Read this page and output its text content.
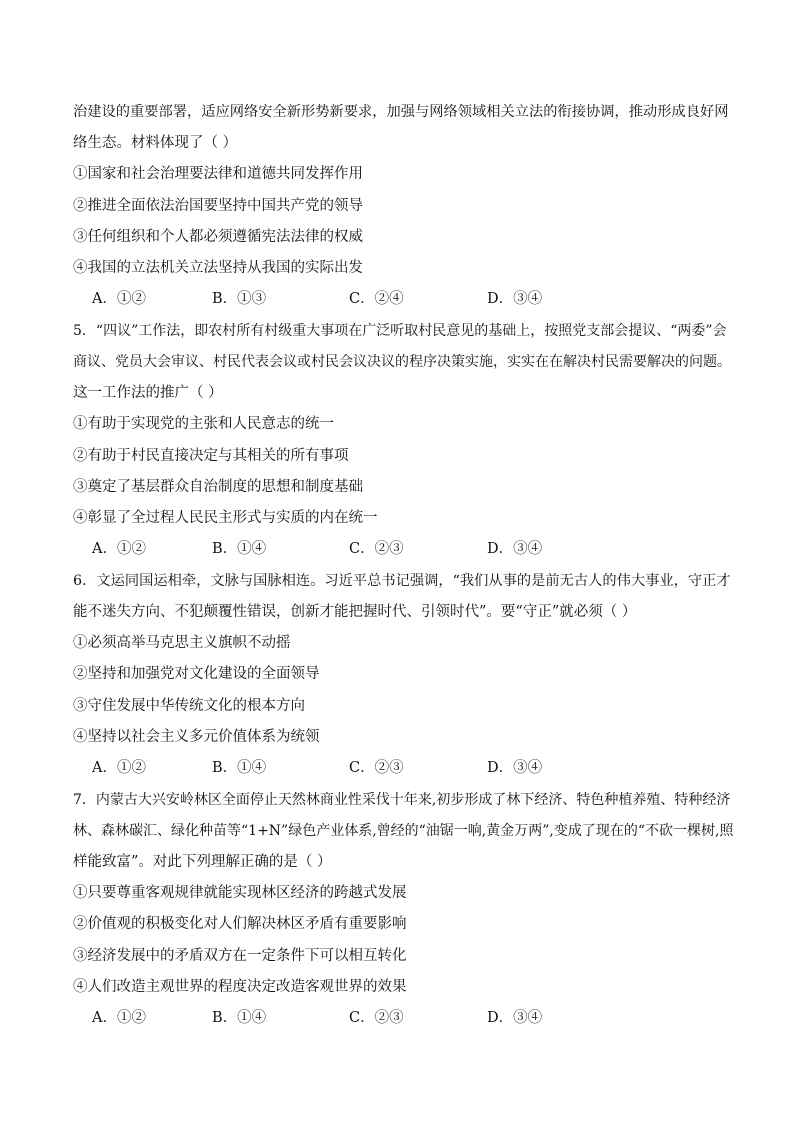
治建设的重要部署，适应网络安全新形势新要求，加强与网络领域相关立法的衔接协调，推动形成良好网
络生态。材料体现了（ ）
①国家和社会治理要法律和道德共同发挥作用
②推进全面依法治国要坚持中国共产党的领导
③任何组织和个人都必须遵循宪法法律的权威
④我国的立法机关立法坚持从我国的实际出发
A．①②	B．①③	C．②④	D．③④
5．“四议”工作法，即农村所有村级重大事项在广泛听取村民意见的基础上，按照党支部会提议、“两委”会
商议、党员大会审议、村民代表会议或村民会议决议的程序决策实施，实实在在解决村民需要解决的问题。
这一工作法的推广（ ）
①有助于实现党的主张和人民意志的统一
②有助于村民直接决定与其相关的所有事项
③奠定了基层群众自治制度的思想和制度基础
④彰显了全过程人民民主形式与实质的内在统一
A．①②	B．①④	C．②③	D．③④
6．文运同国运相牵，文脉与国脉相连。习近平总书记强调，“我们从事的是前无古人的伟大事业，守正才
能不迷失方向、不犯颠覆性错误，创新才能把握时代、引领时代”。要“守正”就必须（ ）
①必须高举马克思主义旗帜不动摇
②坚持和加强党对文化建设的全面领导
③守住发展中华传统文化的根本方向
④坚持以社会主义多元价值体系为统领
A．①②	B．①④	C．②③	D．③④
7．内蒙古大兴安岭林区全面停止天然林商业性采伐十年来,初步形成了林下经济、特色种植养殖、特种经济
林、森林碳汇、绿化种苗等“1+N”绿色产业体系,曾经的“油锯一响,黄金万两”,变成了现在的“不砍一棵树,照
样能致富”。对此下列理解正确的是（ ）
①只要尊重客观规律就能实现林区经济的跨越式发展
②价值观的积极变化对人们解决林区矛盾有重要影响
③经济发展中的矛盾双方在一定条件下可以相互转化
④人们改造主观世界的程度决定改造客观世界的效果
A．①②	B．①④	C．②③	D．③④
